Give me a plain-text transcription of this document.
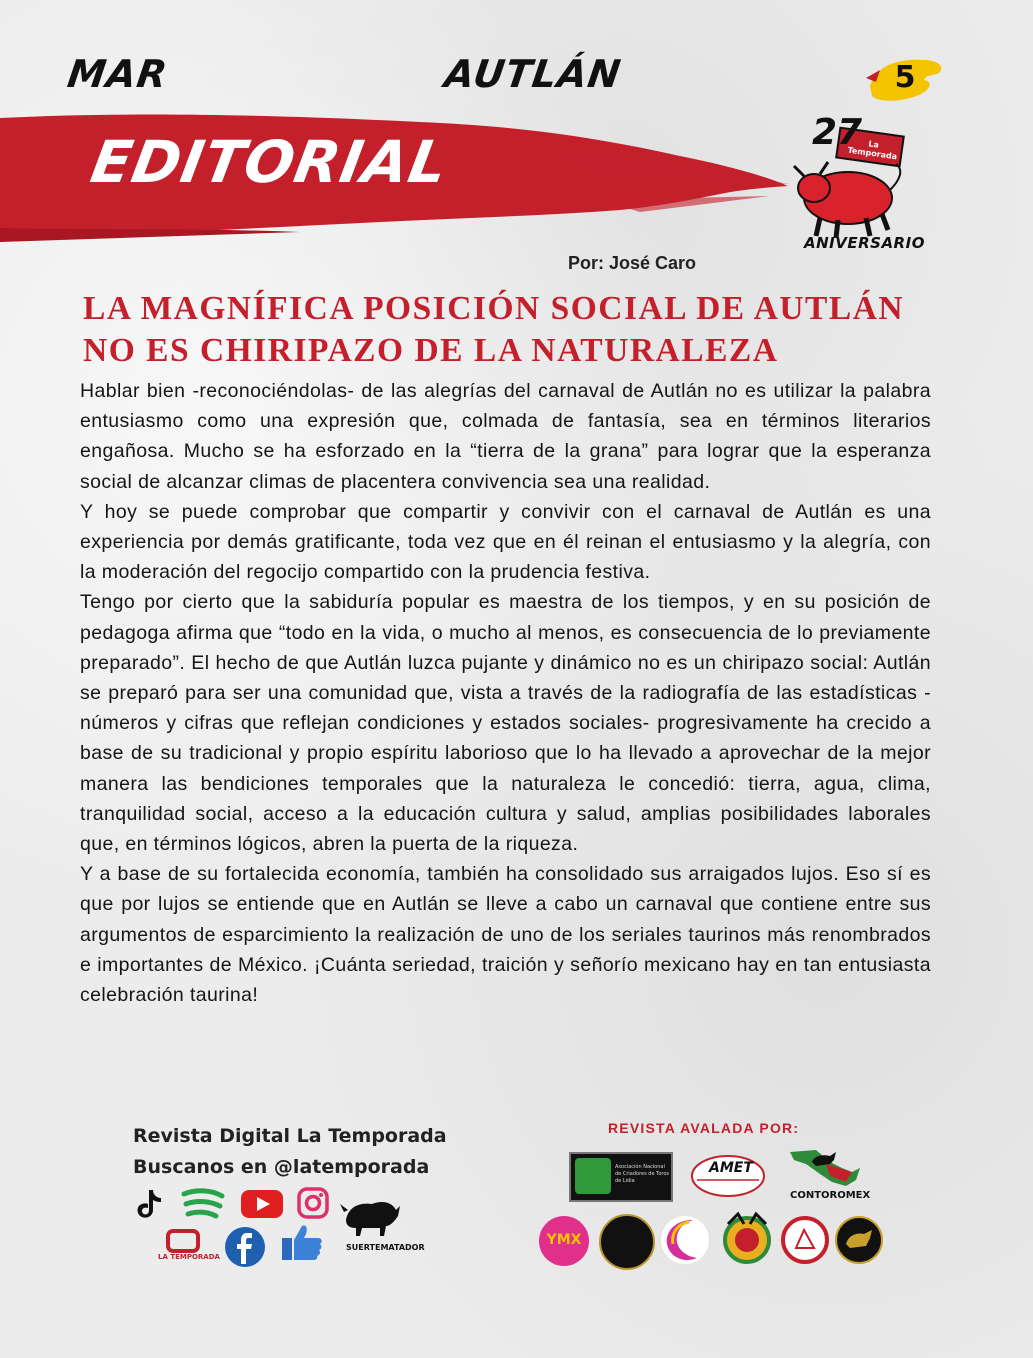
MAR	AUTLÁN	5
EDITORIAL	27
ANIVERSARIO
La Temporada
Por: José Caro
LA MAGNÍFICA POSICIÓN SOCIAL DE AUTLÁN
NO ES CHIRIPAZO DE LA NATURALEZA

Hablar bien -reconociéndolas- de las alegrías del carnaval de Autlán no es utilizar la palabra entusiasmo como una expresión que, colmada de fantasía, sea en términos literarios engañosa. Mucho se ha esforzado en la “tierra de la grana” para lograr que la esperanza social de alcanzar climas de placentera convivencia sea una realidad.

Y hoy se puede comprobar que compartir y convivir con el carnaval de Autlán es una experiencia por demás gratificante, toda vez que en él reinan el entusiasmo y la alegría, con la moderación del regocijo compartido con la prudencia festiva.

Tengo por cierto que la sabiduría popular es maestra de los tiempos, y en su posición de pedagoga afirma que “todo en la vida, o mucho al menos, es consecuencia de lo previamente preparado”. El hecho de que Autlán luzca pujante y dinámico no es un chiripazo social: Autlán se preparó para ser una comunidad que, vista a través de la radiografía de las estadísticas -números y cifras que reflejan condiciones y estados sociales- progresivamente ha crecido a base de su tradicional y propio espíritu laborioso que lo ha llevado a aprovechar de la mejor manera las bendiciones temporales que la naturaleza le concedió: tierra, agua, clima, tranquilidad social, acceso a la educación cultura y salud, amplias posibilidades laborales que, en términos lógicos, abren la puerta de la riqueza.

Y a base de su fortalecida economía, también ha consolidado sus arraigados lujos. Eso sí es que por lujos se entiende que en Autlán se lleve a cabo un carnaval que contiene entre sus argumentos de esparcimiento la realización de uno de los seriales taurinos más renombrados e importantes de México. ¡Cuánta seriedad, traición y señorío mexicano hay en tan entusiasta celebración taurina!

Revista Digital La Temporada
Buscanos en @latemporada
SUERTEMATADOR
LA TEMPORADA
REVISTA AVALADA POR:
Asociación Nacional de Criadores de Toros de Lidia
AMET
CONTOROMEX
YMX
